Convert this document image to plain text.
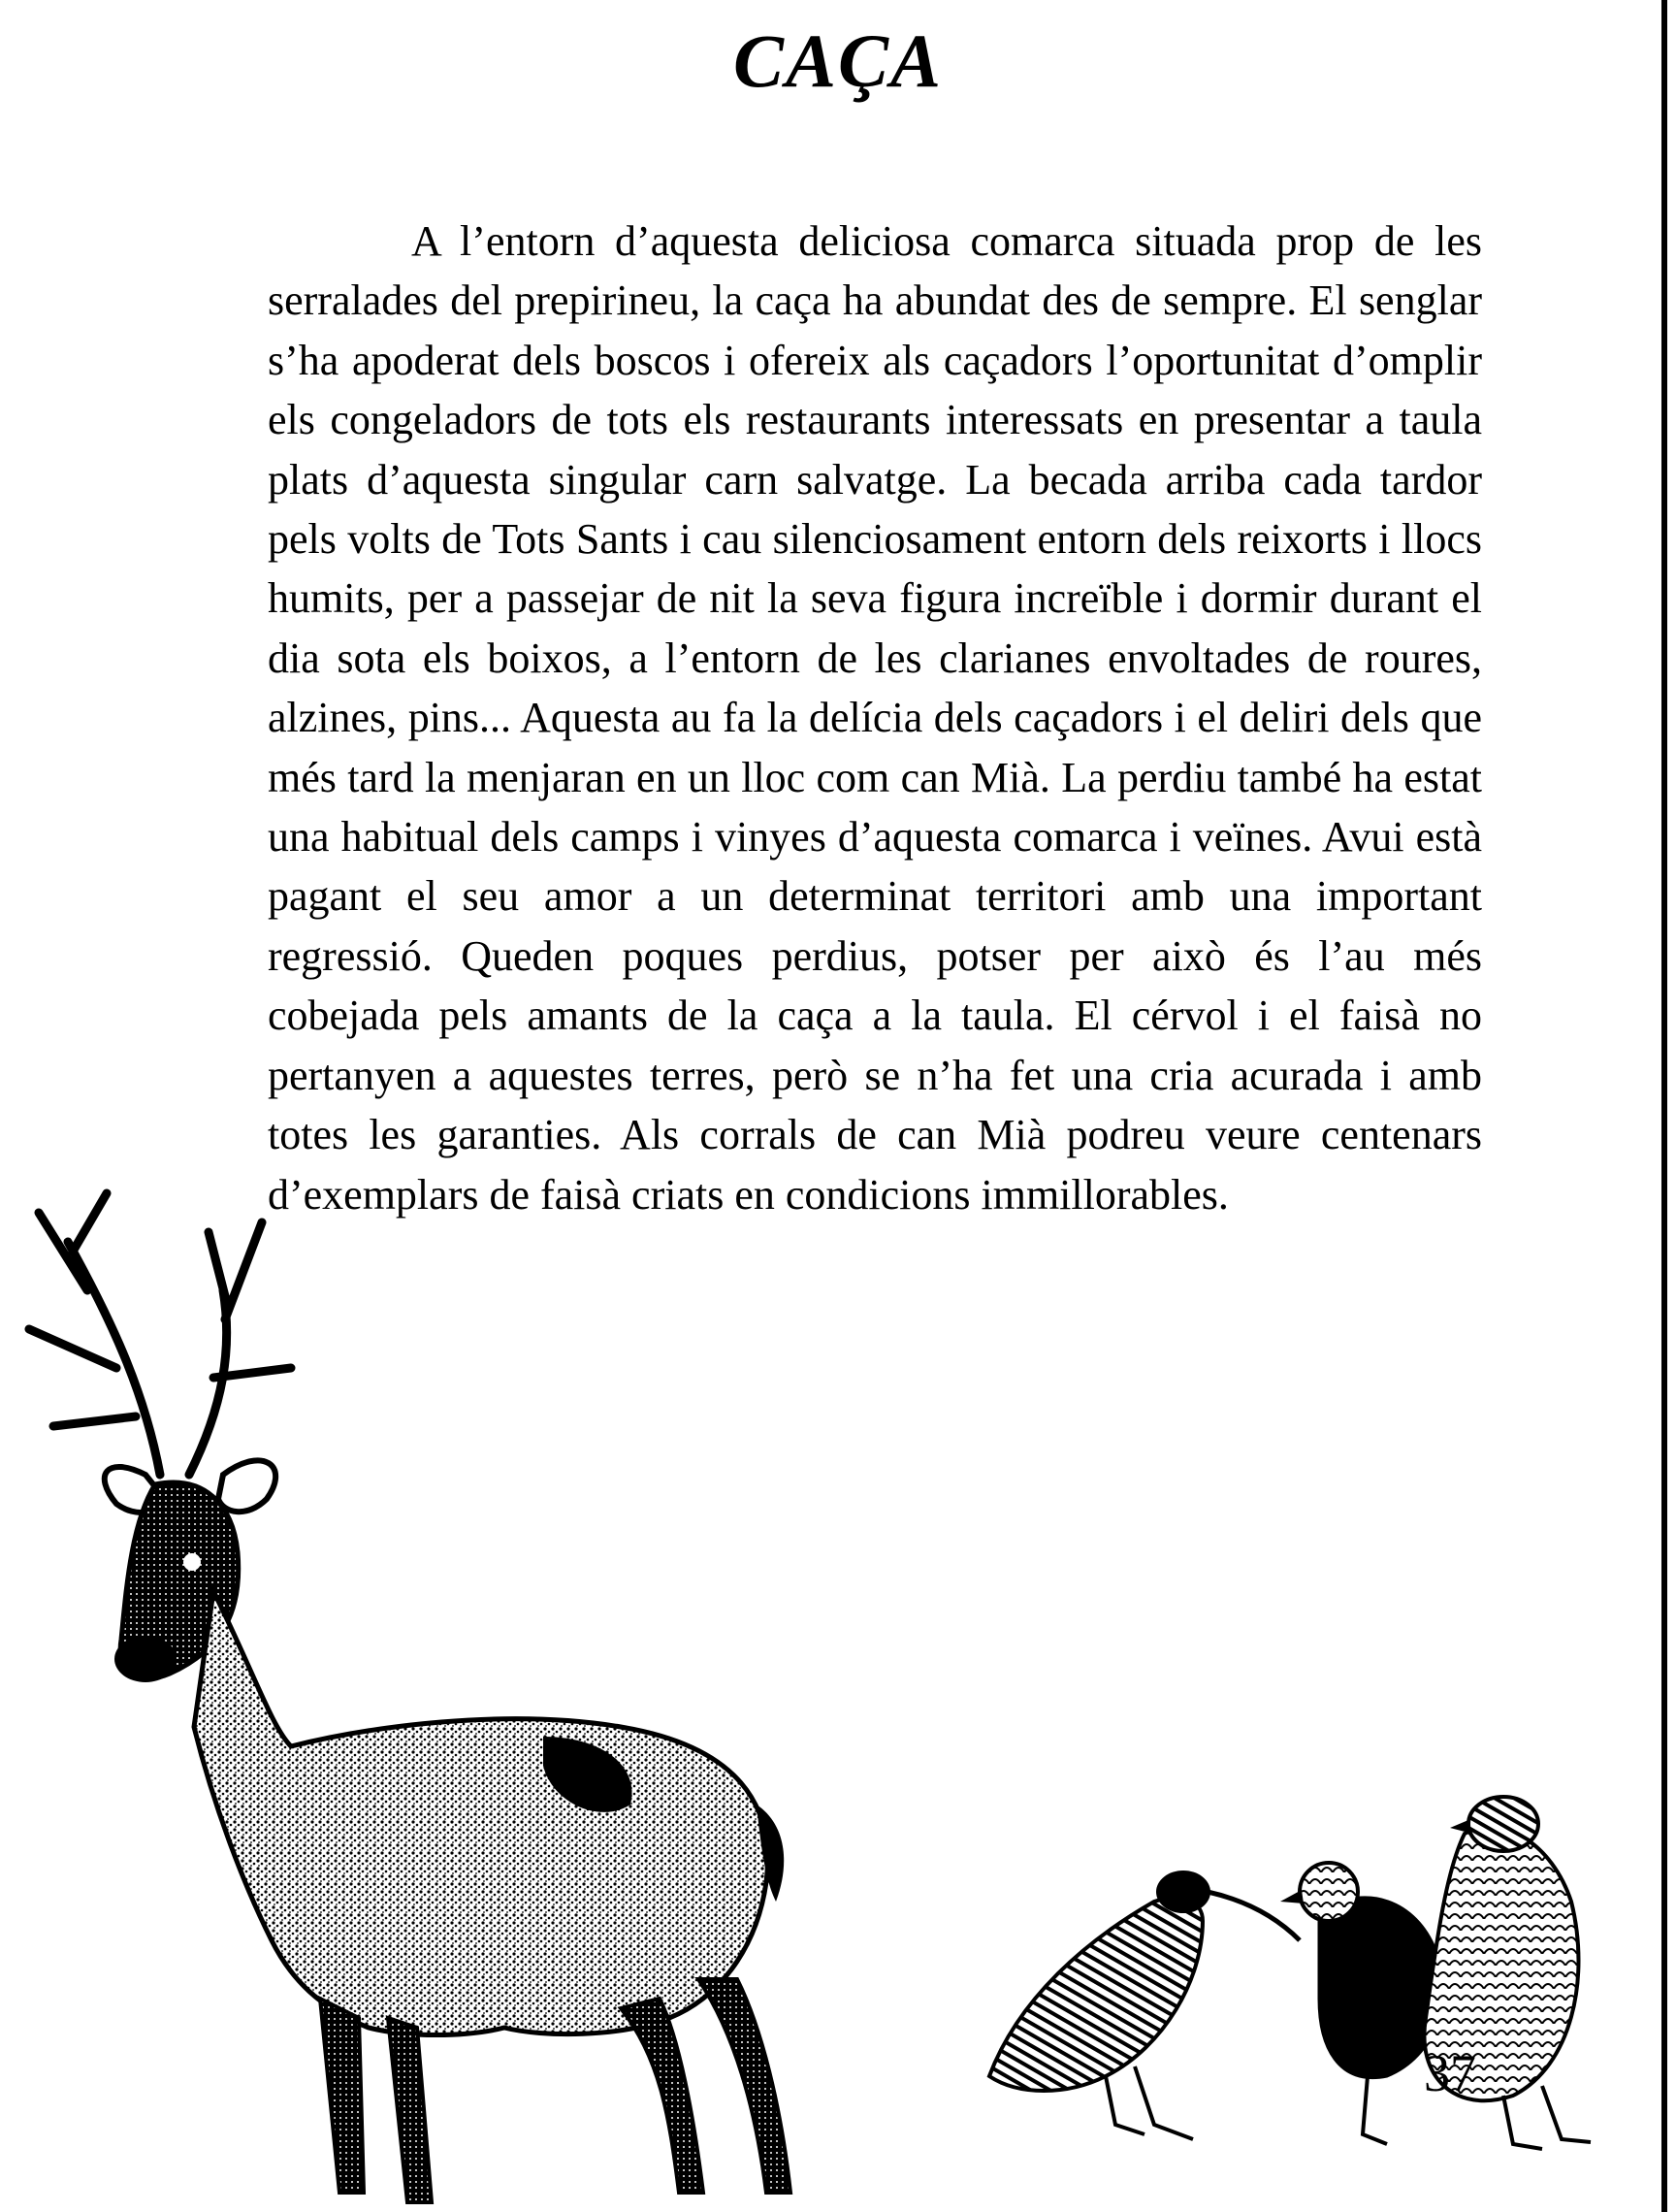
CAÇA

A l’entorn d’aquesta deliciosa comarca situada prop de les serralades del prepirineu, la caça ha abundat des de sempre. El senglar s’ha apoderat dels boscos i ofereix als caçadors l’oportunitat d’omplir els congeladors de tots els restaurants interessats en presentar a taula plats d’aquesta singular carn salvatge. La becada arriba cada tardor pels volts de Tots Sants i cau silenciosament entorn dels reixorts i llocs humits, per a passejar de nit la seva figura increïble i dormir durant el dia sota els boixos, a l’entorn de les clarianes envoltades de roures, alzines, pins... Aquesta au fa la delícia dels caçadors i el deliri dels que més tard la menjaran en un lloc com can Mià. La perdiu també ha estat una habitual dels camps i vinyes d’aquesta comarca i veïnes. Avui està pagant el seu amor a un determinat territori amb una important regressió. Queden poques perdius, potser per això és l’au més cobejada pels amants de la caça a la taula. El cérvol i el faisà no pertanyen a aquestes terres, però se n’ha fet una cria acurada i amb totes les garanties. Als corrals de can Mià podreu veure centenars d’exemplars de faisà criats en condicions immillorables.

37
